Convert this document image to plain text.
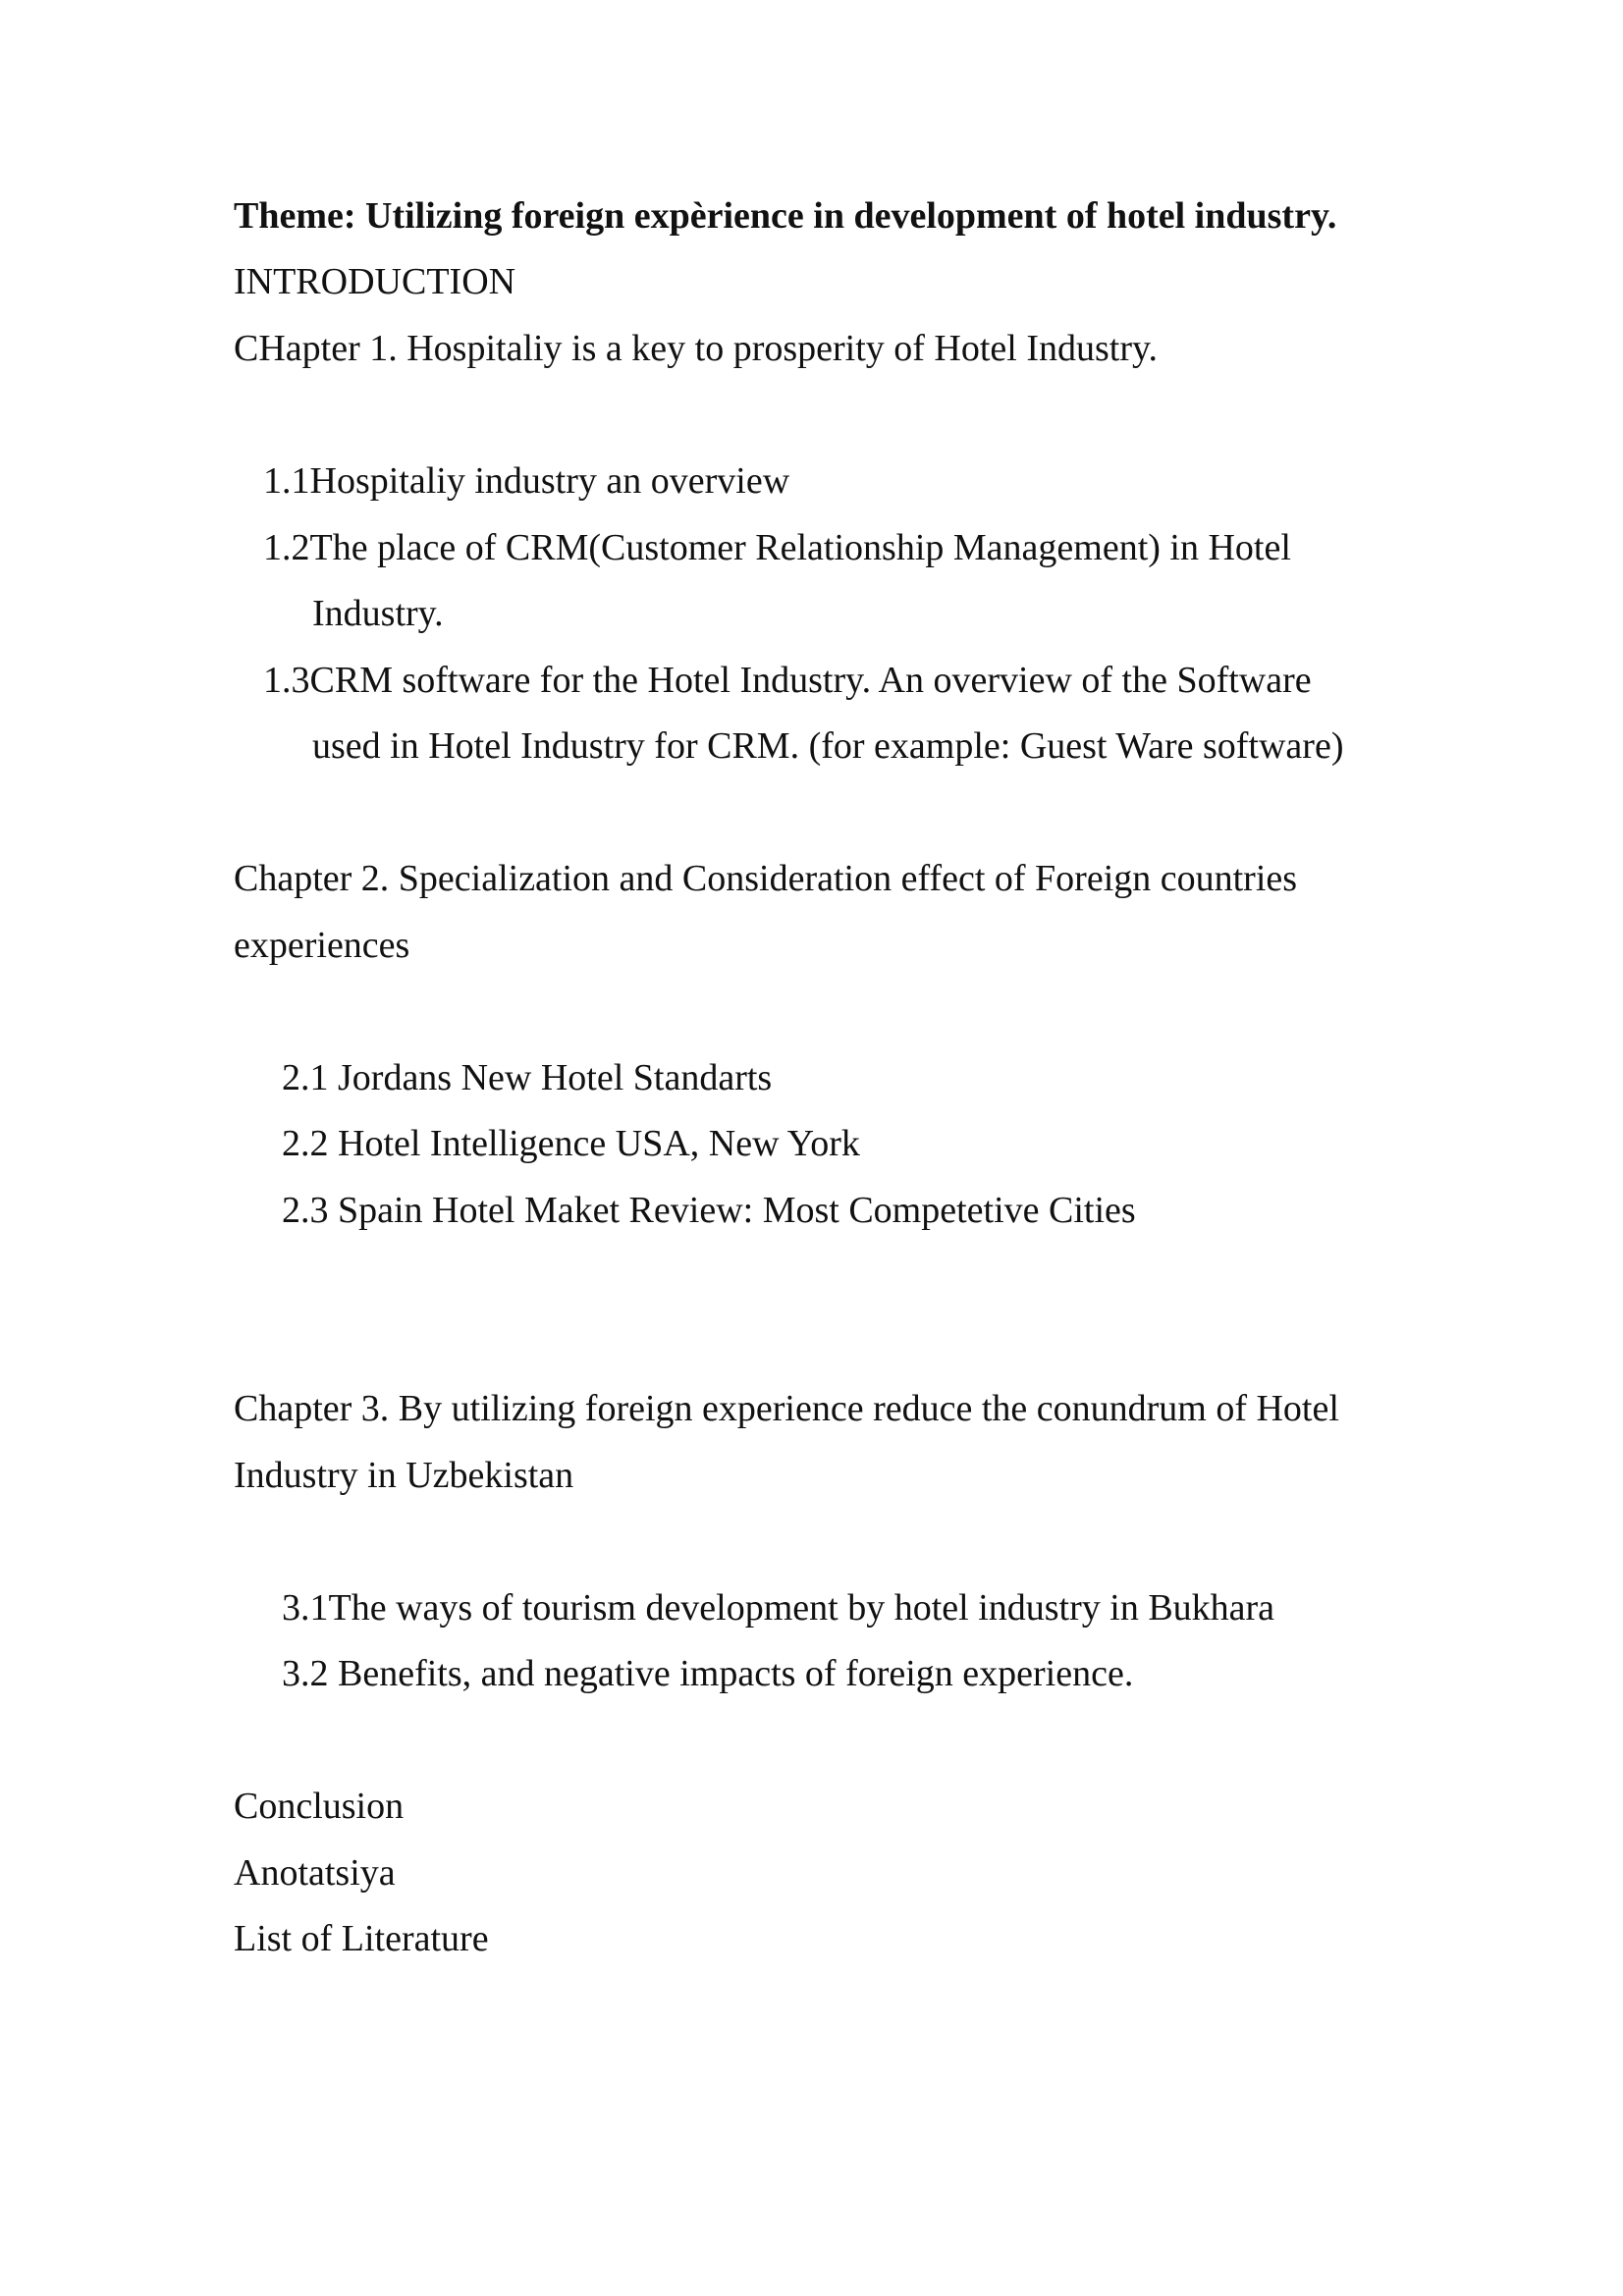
Theme: Utilizing foreign expèrience in development of hotel industry.
INTRODUCTION
CHapter 1. Hospitaliy is a key to prosperity of Hotel Industry.
1.1Hospitaliy industry an overview
1.2The place of CRM(Customer Relationship Management) in Hotel
Industry.
1.3CRM software for the Hotel Industry. An overview of the Software
used in Hotel Industry for CRM. (for example: Guest Ware software)
Chapter 2. Specialization and Consideration effect of Foreign countries
experiences
2.1 Jordans New Hotel Standarts
2.2 Hotel Intelligence USA, New York
2.3 Spain Hotel Maket Review: Most Competetive Cities
Chapter 3. By utilizing foreign experience reduce the conundrum of Hotel
Industry in Uzbekistan
3.1The ways of tourism development by hotel industry in Bukhara
3.2 Benefits, and negative impacts of foreign experience.
Conclusion
Anotatsiya
List of Literature
